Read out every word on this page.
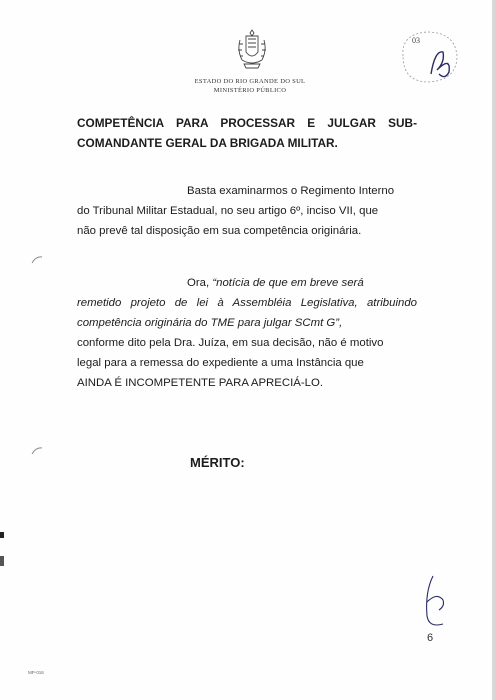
ESTADO DO RIO GRANDE DO SUL
MINISTÉRIO PÚBLICO
03
COMPETÊNCIA PARA PROCESSAR E JULGAR SUB-
COMANDANTE GERAL DA BRIGADA MILITAR.
Basta examinarmos o Regimento Interno
do Tribunal Militar Estadual, no seu artigo 6º, inciso VII, que
não prevê tal disposição em sua competência originária.
Ora, “notícia de que em breve será
remetido projeto de lei à Assembléia Legislativa, atribuindo
competência originária do TME para julgar SCmt G”,
conforme dito pela Dra. Juíza, em sua decisão, não é motivo
legal para a remessa do expediente a uma Instância que
AINDA É INCOMPETENTE PARA APRECIÁ-LO.
MÉRITO:
6
MP-016
